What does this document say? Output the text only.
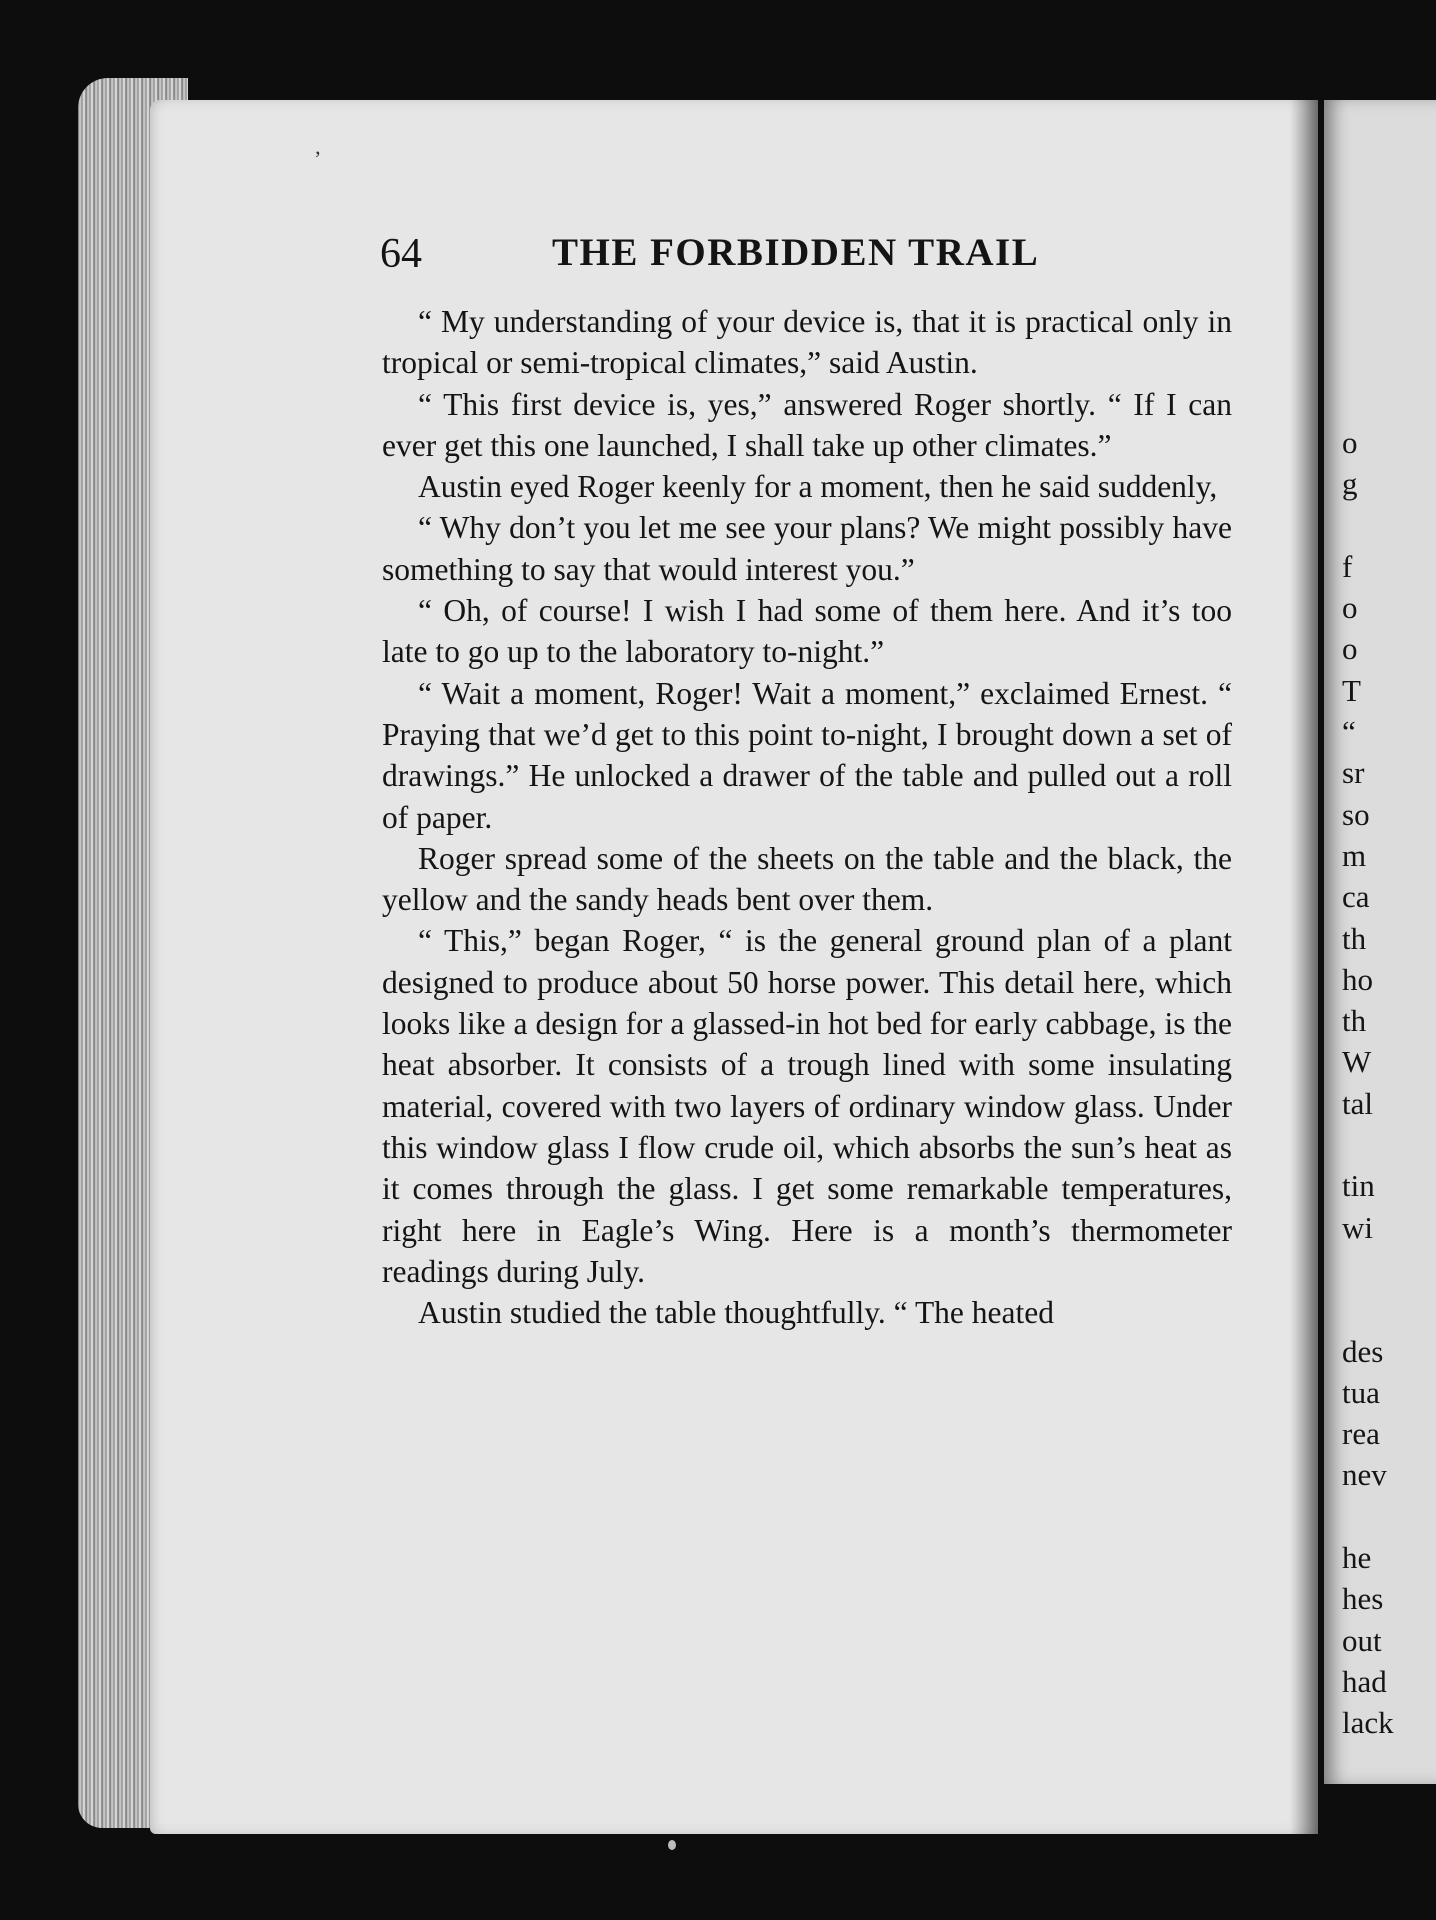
o
g
f
o
o
T
“
sr
so
m
ca
th
ho
th
W
tal
tin
wi
des
tua
rea
nev
he
hes
out
had
lack
’
64	THE FORBIDDEN TRAIL

“ My understanding of your device is, that it is practical only in tropical or semi-tropical climates,” said Austin.

“ This first device is, yes,” answered Roger shortly. “ If I can ever get this one launched, I shall take up other climates.”

Austin eyed Roger keenly for a moment, then he said suddenly,

“ Why don’t you let me see your plans? We might possibly have something to say that would interest you.”

“ Oh, of course! I wish I had some of them here. And it’s too late to go up to the laboratory to-night.”

“ Wait a moment, Roger! Wait a moment,” exclaimed Ernest. “ Praying that we’d get to this point to-night, I brought down a set of drawings.” He unlocked a drawer of the table and pulled out a roll of paper.

Roger spread some of the sheets on the table and the black, the yellow and the sandy heads bent over them.

“ This,” began Roger, “ is the general ground plan of a plant designed to produce about 50 horse power. This detail here, which looks like a design for a glassed-in hot bed for early cabbage, is the heat absorber. It consists of a trough lined with some insulating material, covered with two layers of ordinary window glass. Under this window glass I flow crude oil, which absorbs the sun’s heat as it comes through the glass. I get some remarkable temperatures, right here in Eagle’s Wing. Here is a month’s thermometer readings during July.

Austin studied the table thoughtfully. “ The heated
